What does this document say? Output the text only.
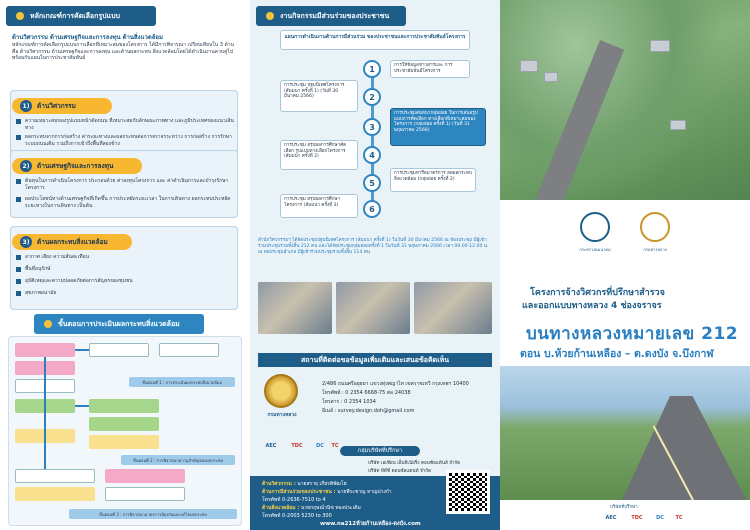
หลักเกณฑ์การคัดเลือกรูปแบบ
ด้านวิศวกรรม ด้านเศรษฐกิจและการลงทุน ด้านสิ่งแวดล้อม
หลักเกณฑ์การคัดเลือกรูปแบบการเลือกที่เหมาะสมของโครงการ ได้มีการพิจารณา เปรียบเทียบใน 3 ด้าน คือ ด้านวิศวกรรม ด้านเศรษฐกิจและการลงทุน และด้านผลกระทบ สิ่งแวดล้อมโดยได้ดำเนินงานควบคู่ไปพร้อมกับแผนในการประชาสัมพันธ์
1)	ด้านวิศวกรรม
ความเหมาะสมของรูปแบบหน้าตัดถนน ที่เหมาะสมกับลักษณะภาพทาง และภูมิประเทศของแนวเส้นทาง
ผลกระทบจากการก่อสร้าง ค่าระยะทางและผลกระทบต่อการจราจรระหว่าง การก่อสร้าง การรักษาระบบถนนเดิม รวมถึงการเข้าถึงพื้นที่สองข้าง
2)	ด้านเศรษฐกิจและการลงทุน
ต้นทุนในการดำเนินโครงการ ประกอบด้วย ค่าลงทุนโครงการ และ ค่าดำเนินการและบำรุงรักษาโครงการ
ผลประโยชน์ทางด้านเศรษฐกิจที่เกิดขึ้น การประหยัดระยะเวลา ในการเดินทาง ผลกระทบประหยัดระยะทางในการเดินทาง เป็นต้น
3)	ด้านผลกระทบสิ่งแวดล้อม
อากาศ เสียง ความสั่นสะเทือน
พื้นที่อนุรักษ์
อุบัติเหตุและความปลอดภัยต่อการสัญจรของชุมชน
สุขภาพอนามัย
ขั้นตอนการประเมินผลกระทบสิ่งแวดล้อม
ขั้นตอนที่ 1 : การประเมินผลกระทบสิ่งแวดล้อม
ขั้นตอนที่ 2 : การพิจารณาความสำคัญของผลกระทบ
ขั้นตอนที่ 3 : การพิจารณามาตรการป้องกันและแก้ไขผลกระทบ
งานกิจกรรมมีส่วนร่วมของประชาชน
แผนการดำเนินงานด้านการมีส่วนร่วม ของประชาชนและการประชาสัมพันธ์โครงการ
1	การให้ข้อมูลข่าวสารและ การประชาสัมพันธ์โครงการ
2
การประชุม ปฐมนิเทศโครงการ (สัมมนา ครั้งที่ 1) (วันที่ 30 มีนาคม 2566)
3
การประชุมสนทนากลุ่มย่อย ในการเสนอรูปแบบการคัดเลือก ทางเลือกที่เหมาะสมของโครงการ (กลุ่มย่อย ครั้งที่ 1) (วันที่ 31 พฤษภาคม 2566)
4
การประชุม สรุปผลการศึกษาคัดเลือก รูปแบบทางเลือกโครงการ (สัมมนา ครั้งที่ 2)
5
การประชุมหารือมาตรการ ลดผลกระทบสิ่งแวดล้อม (กลุ่มย่อย ครั้งที่ 2)
6
การประชุม สรุปผลการศึกษาโครงการ (สัมมนา ครั้งที่ 3)
สำนักวิศวกรรมฯ ได้จัดประชุมปฐมนิเทศโครงการ (สัมมนา ครั้งที่ 1) ในวันที่ 30 มีนาคม 2566 ณ ห้องประชุม มีผู้เข้าร่วมประชุมรวมทั้งสิ้น 212 คน และได้จัดประชุมกลุ่มย่อยครั้งที่ 1 ในวันที่ 31 พฤษภาคม 2566 เวลา 09.00-12.00 น. ณ หอประชุมอำเภอ มีผู้เข้าร่วมประชุมรวมทั้งสิ้น 114 คน
สถานที่ติดต่อขอข้อมูลเพิ่มเติมและเสนอข้อคิดเห็น
กรมทางหลวง
2/486 ถนนศรีอยุธยา แขวงทุ่งพญาไท เขตราชเทวี กรุงเทพฯ 10400
โทรศัพท์ : 0 2354 6668-75 ต่อ 24038
โทรสาร : 0 2354 1034
อีเมล์ : survey.design.doh@gmail.com
กลุ่มบริษัทที่ปรึกษา
AEC	TDC	DC	TC
บริษัท เอเซียน เอ็นจิเนียริ่ง คอนซัลแท้นส์ จำกัด
บริษัท ทีดีซี คอนซัลแตนท์ จำกัด
ด้านวิศวกรรม : นายสรายุ เกียรติพัฒโฮ
ด้านการมีส่วนร่วมของประชาชน : นายพีระชาญ หาญปวงกำ
โทรศัพท์ 0-2636-7510 to 4
ด้านสิ่งแวดล้อม : นายกฤษณ์วนิช ทองประเดิม
โทรศัพท์ 0-2003 5230 to 300
www.na212ห้วยก้านเหลือง-ดงบัง.com
กระทรวงคมนาคม	กรมทางหลวง
โครงการจ้างวิศวกรที่ปรึกษาสำรวจ
และออกแบบทางหลวง 4 ช่องจราจร
บนทางหลวงหมายเลข 212
ตอน บ.ห้วยก้านเหลือง – ต.ดงบัง จ.บึงกาฬ
บริษัทที่ปรึกษา
AEC	TDC	DC	TC
